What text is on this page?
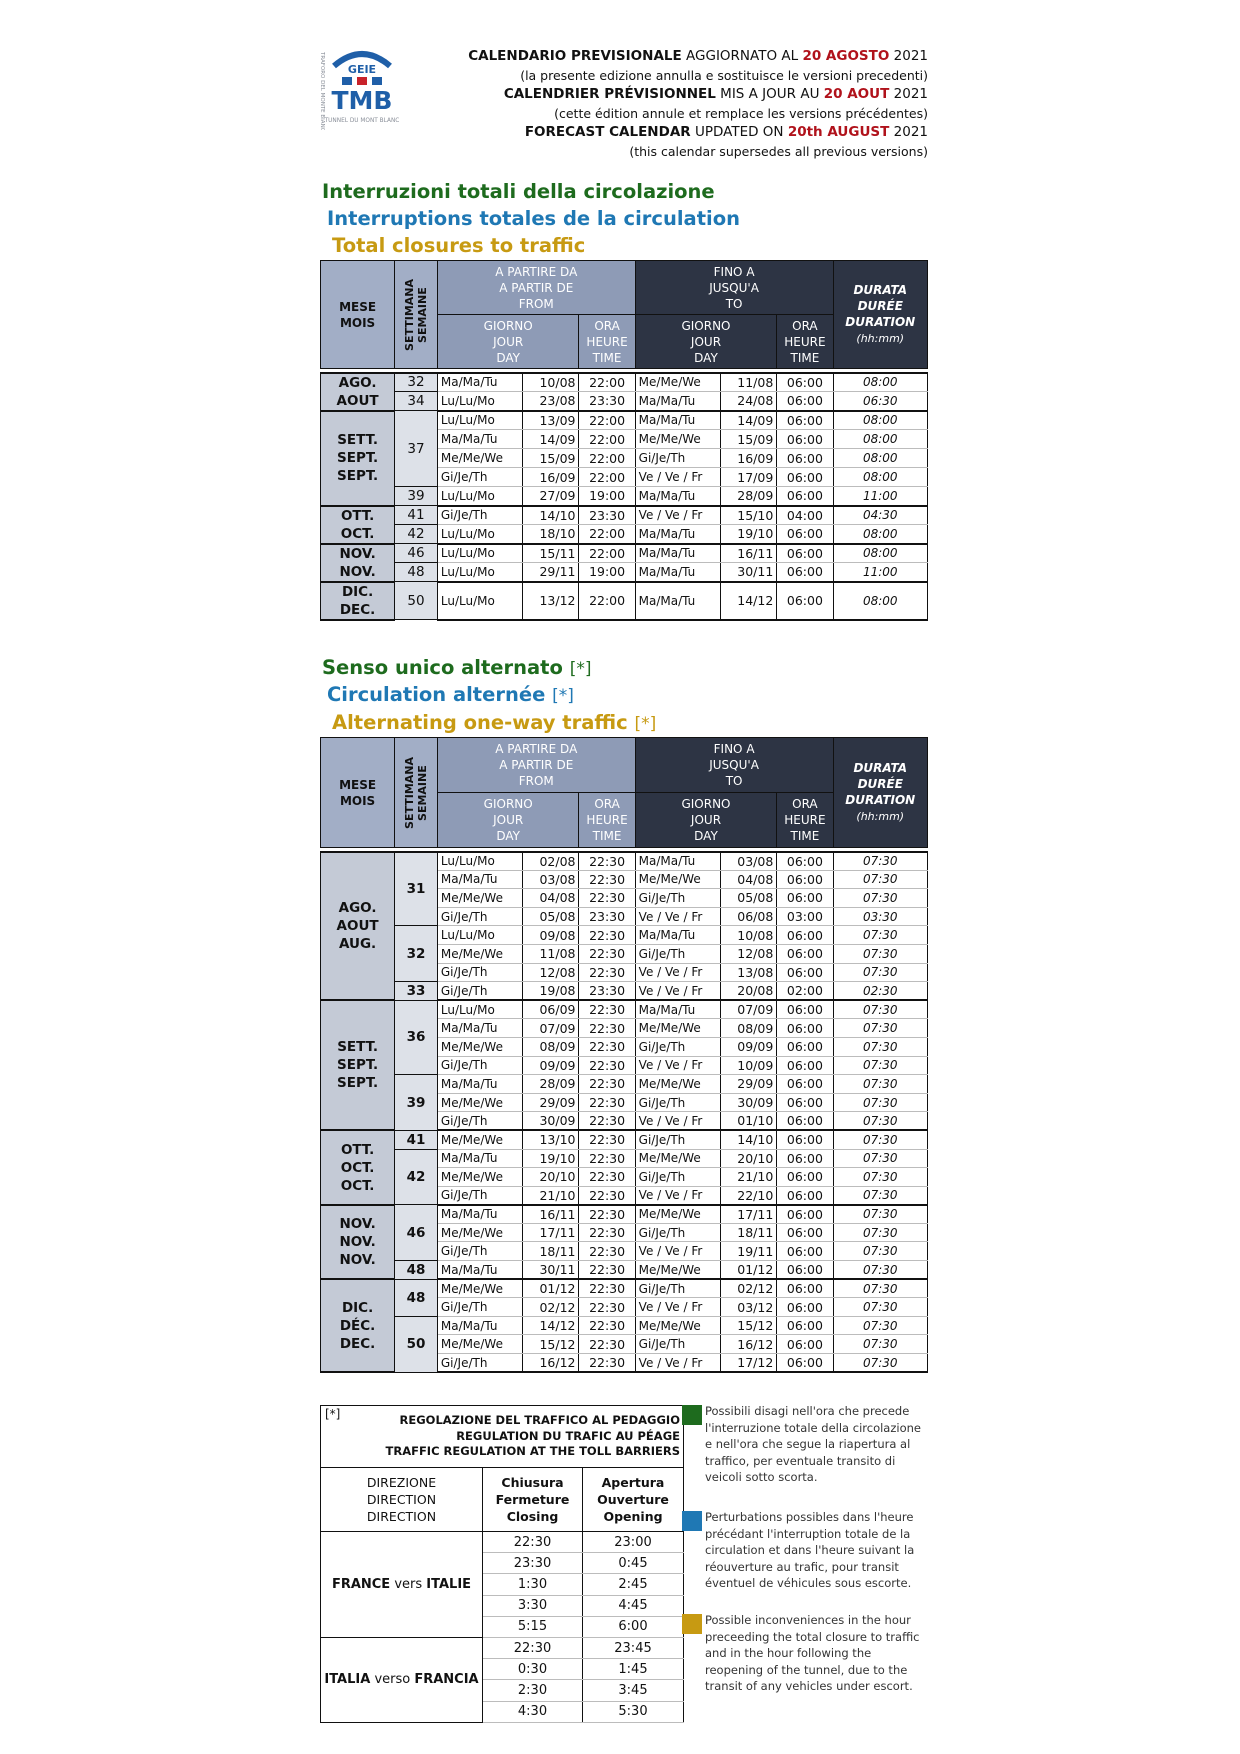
TRAFORO DEL MONTE BIANCO GEIE
TMB
TUNNEL DU MONT BLANC
CALENDARIO PREVISIONALE AGGIORNATO AL 20 AGOSTO 2021
(la presente edizione annulla e sostituisce le versioni precedenti)
CALENDRIER PRÉVISIONNEL MIS A JOUR AU 20 AOUT 2021
(cette édition annule et remplace les versions précédentes)
FORECAST CALENDAR UPDATED ON 20th AUGUST 2021
(this calendar supersedes all previous versions)
Interruzioni totali della circolazione
Interruptions totales de la circulation
Total closures to traffic
MESE
MOIS	SETTIMANA
SEMAINE	A PARTIRE DA
A PARTIR DE
FROM			FINO A
JUSQU'A
TO			DURATA
DURÉE
DURATION
(hh:mm)
		GIORNO
JOUR
DAY		ORA
HEURE
TIME	GIORNO
JOUR
DAY		ORA
HEURE
TIME	

AGO.
AOUT	32	Ma/Ma/Tu	10/08	22:00	Me/Me/We	11/08	06:00	08:00
	34	Lu/Lu/Mo	23/08	23:30	Ma/Ma/Tu	24/08	06:00	06:30
SETT.
SEPT.
SEPT.	37	Lu/Lu/Mo	13/09	22:00	Ma/Ma/Tu	14/09	06:00	08:00
		Ma/Ma/Tu	14/09	22:00	Me/Me/We	15/09	06:00	08:00
		Me/Me/We	15/09	22:00	Gi/Je/Th	16/09	06:00	08:00
		Gi/Je/Th	16/09	22:00	Ve / Ve / Fr	17/09	06:00	08:00
	39	Lu/Lu/Mo	27/09	19:00	Ma/Ma/Tu	28/09	06:00	11:00
OTT.
OCT.	41	Gi/Je/Th	14/10	23:30	Ve / Ve / Fr	15/10	04:00	04:30
	42	Lu/Lu/Mo	18/10	22:00	Ma/Ma/Tu	19/10	06:00	08:00
NOV.
NOV.	46	Lu/Lu/Mo	15/11	22:00	Ma/Ma/Tu	16/11	06:00	08:00
	48	Lu/Lu/Mo	29/11	19:00	Ma/Ma/Tu	30/11	06:00	11:00
DIC.
DEC.	50	Lu/Lu/Mo	13/12	22:00	Ma/Ma/Tu	14/12	06:00	08:00
Senso unico alternato [*]
Circulation alternée [*]
Alternating one-way traffic [*]
MESE
MOIS	SETTIMANA
SEMAINE	A PARTIRE DA
A PARTIR DE
FROM			FINO A
JUSQU'A
TO			DURATA
DURÉE
DURATION
(hh:mm)
		GIORNO
JOUR
DAY		ORA
HEURE
TIME	GIORNO
JOUR
DAY		ORA
HEURE
TIME	

AGO.
AOUT
AUG.	31	Lu/Lu/Mo	02/08	22:30	Ma/Ma/Tu	03/08	06:00	07:30
		Ma/Ma/Tu	03/08	22:30	Me/Me/We	04/08	06:00	07:30
		Me/Me/We	04/08	22:30	Gi/Je/Th	05/08	06:00	07:30
		Gi/Je/Th	05/08	23:30	Ve / Ve / Fr	06/08	03:00	03:30
	32	Lu/Lu/Mo	09/08	22:30	Ma/Ma/Tu	10/08	06:00	07:30
		Me/Me/We	11/08	22:30	Gi/Je/Th	12/08	06:00	07:30
		Gi/Je/Th	12/08	22:30	Ve / Ve / Fr	13/08	06:00	07:30
	33	Gi/Je/Th	19/08	23:30	Ve / Ve / Fr	20/08	02:00	02:30
SETT.
SEPT.
SEPT.	36	Lu/Lu/Mo	06/09	22:30	Ma/Ma/Tu	07/09	06:00	07:30
		Ma/Ma/Tu	07/09	22:30	Me/Me/We	08/09	06:00	07:30
		Me/Me/We	08/09	22:30	Gi/Je/Th	09/09	06:00	07:30
		Gi/Je/Th	09/09	22:30	Ve / Ve / Fr	10/09	06:00	07:30
	39	Ma/Ma/Tu	28/09	22:30	Me/Me/We	29/09	06:00	07:30
		Me/Me/We	29/09	22:30	Gi/Je/Th	30/09	06:00	07:30
		Gi/Je/Th	30/09	22:30	Ve / Ve / Fr	01/10	06:00	07:30
OTT.
OCT.
OCT.	41	Me/Me/We	13/10	22:30	Gi/Je/Th	14/10	06:00	07:30
	42	Ma/Ma/Tu	19/10	22:30	Me/Me/We	20/10	06:00	07:30
		Me/Me/We	20/10	22:30	Gi/Je/Th	21/10	06:00	07:30
		Gi/Je/Th	21/10	22:30	Ve / Ve / Fr	22/10	06:00	07:30
NOV.
NOV.
NOV.	46	Ma/Ma/Tu	16/11	22:30	Me/Me/We	17/11	06:00	07:30
		Me/Me/We	17/11	22:30	Gi/Je/Th	18/11	06:00	07:30
		Gi/Je/Th	18/11	22:30	Ve / Ve / Fr	19/11	06:00	07:30
	48	Ma/Ma/Tu	30/11	22:30	Me/Me/We	01/12	06:00	07:30
DIC.
DÉC.
DEC.	48	Me/Me/We	01/12	22:30	Gi/Je/Th	02/12	06:00	07:30
		Gi/Je/Th	02/12	22:30	Ve / Ve / Fr	03/12	06:00	07:30
	50	Ma/Ma/Tu	14/12	22:30	Me/Me/We	15/12	06:00	07:30
		Me/Me/We	15/12	22:30	Gi/Je/Th	16/12	06:00	07:30
		Gi/Je/Th	16/12	22:30	Ve / Ve / Fr	17/12	06:00	07:30
[*] REGOLAZIONE DEL TRAFFICO AL PEDAGGIO
REGULATION DU TRAFIC AU PÉAGE
TRAFFIC REGULATION AT THE TOLL BARRIERS		
DIREZIONE
DIRECTION
DIRECTION	Chiusura
Fermeture
Closing	Apertura
Ouverture
Opening
FRANCE vers ITALIE	22:30	23:00
	23:30	0:45
	1:30	2:45
	3:30	4:45
	5:15	6:00
ITALIA verso FRANCIA	22:30	23:45
	0:30	1:45
	2:30	3:45
	4:30	5:30
Possibili disagi nell'ora che precede l'interruzione totale della circolazione e nell'ora che segue la riapertura al traffico, per eventuale transito di veicoli sotto scorta.
Perturbations possibles dans l'heure précédant l'interruption totale de la circulation et dans l'heure suivant la réouverture au trafic, pour transit éventuel de véhicules sous escorte.
Possible inconveniences in the hour preceeding the total closure to traffic and in the hour following the reopening of the tunnel, due to the transit of any vehicles under escort.
